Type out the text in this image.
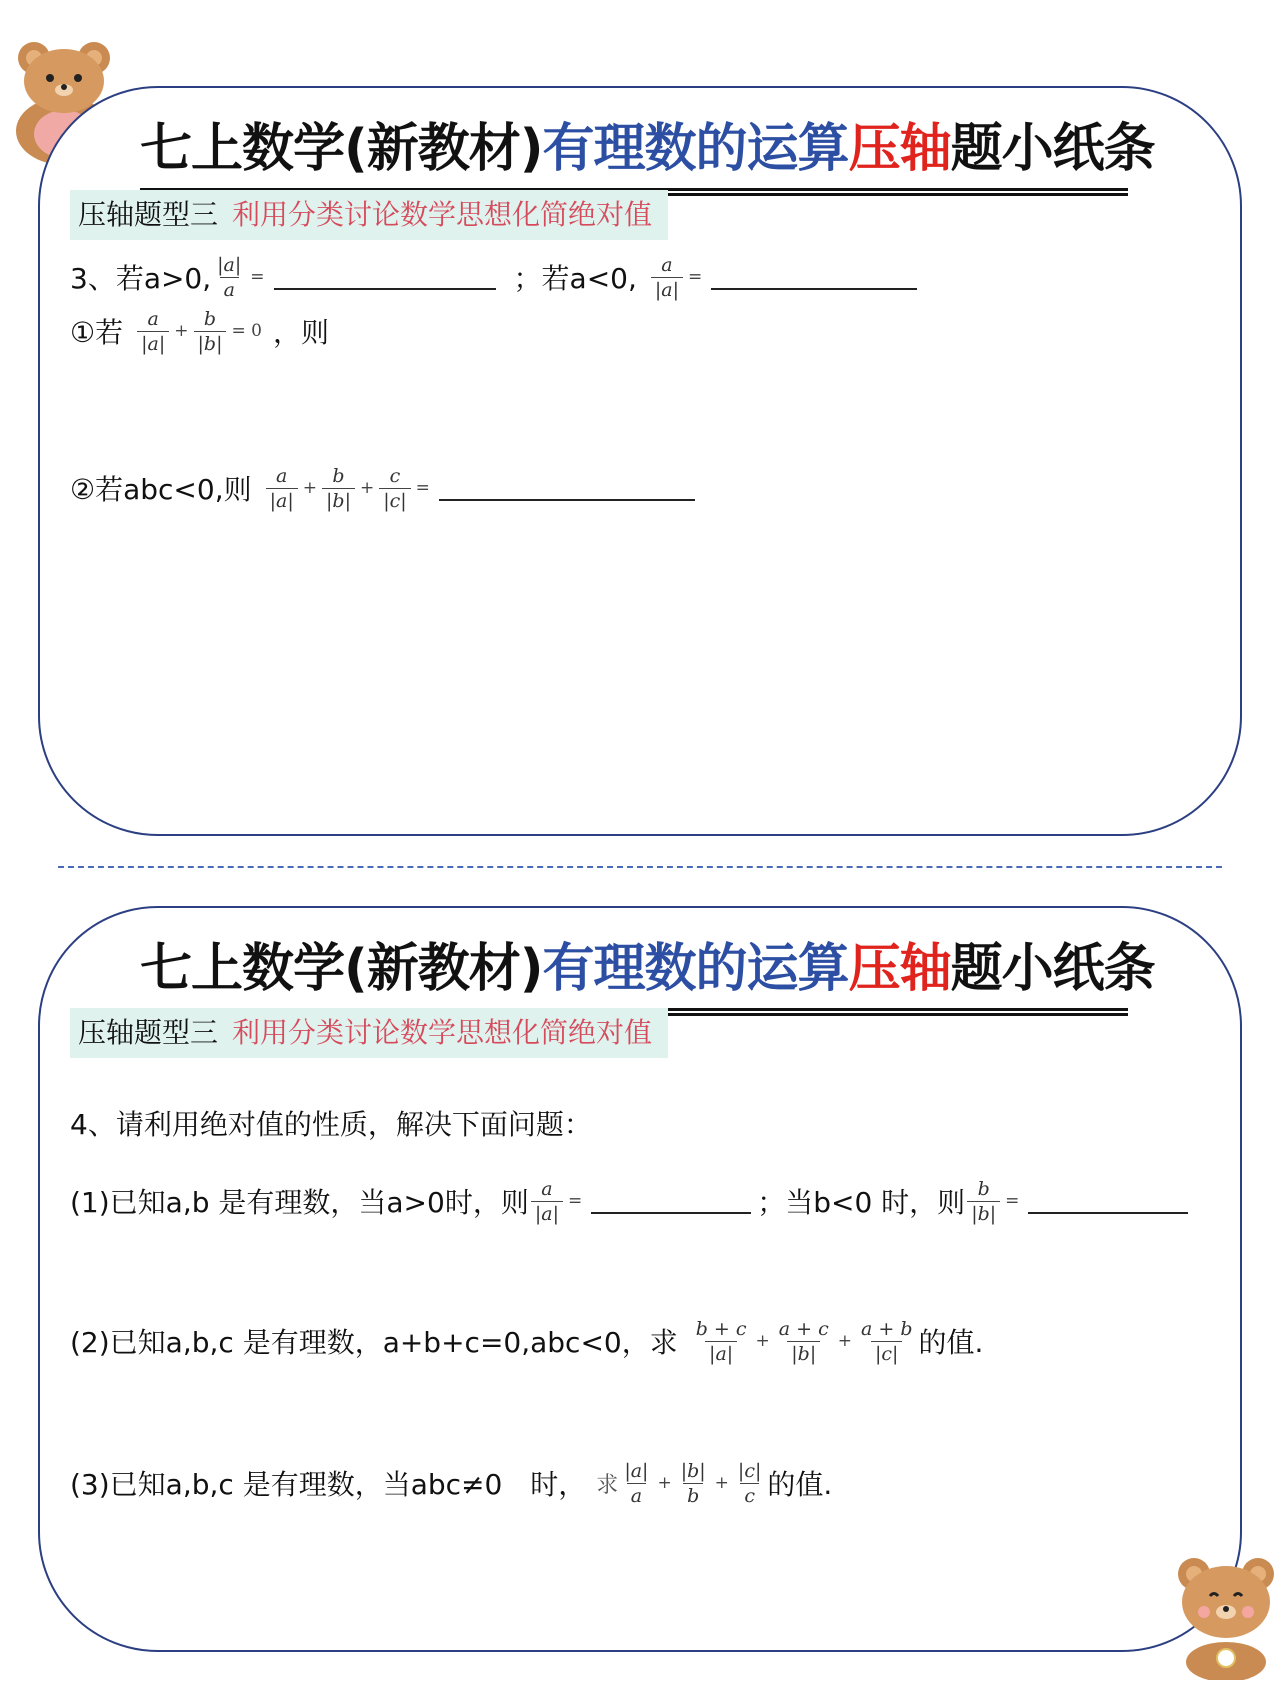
七上数学(新教材)有理数的运算压轴题小纸条
压轴题型三 利用分类讨论数学思想化简绝对值
3、若a>0, $\frac{|a|}{a}$ =	；若a<0, $\frac{a}{|a|}$ =
①若 $\frac{a}{|a|} + \frac{b}{|b|} = 0$ ，则
②若abc<0,则 $\frac{a}{|a|} + \frac{b}{|b|} + \frac{c}{|c|}$ =
七上数学(新教材)有理数的运算压轴题小纸条
压轴题型三 利用分类讨论数学思想化简绝对值
4、请利用绝对值的性质，解决下面问题：
(1)已知a,b 是有理数，当a>0时，则 $\frac{a}{|a|}$ =	；当b<0 时，则 $\frac{b}{|b|}$ =
(2)已知a,b,c 是有理数，a+b+c=0,abc<0，求 $\frac{b + c}{|a|} + \frac{a + c}{|b|} + \frac{a + b}{|c|}$ 的值.
(3)已知a,b,c 是有理数，当abc≠0　时， 求 $\frac{|a|}{a} + \frac{|b|}{b} + \frac{|c|}{c}$ 的值.
